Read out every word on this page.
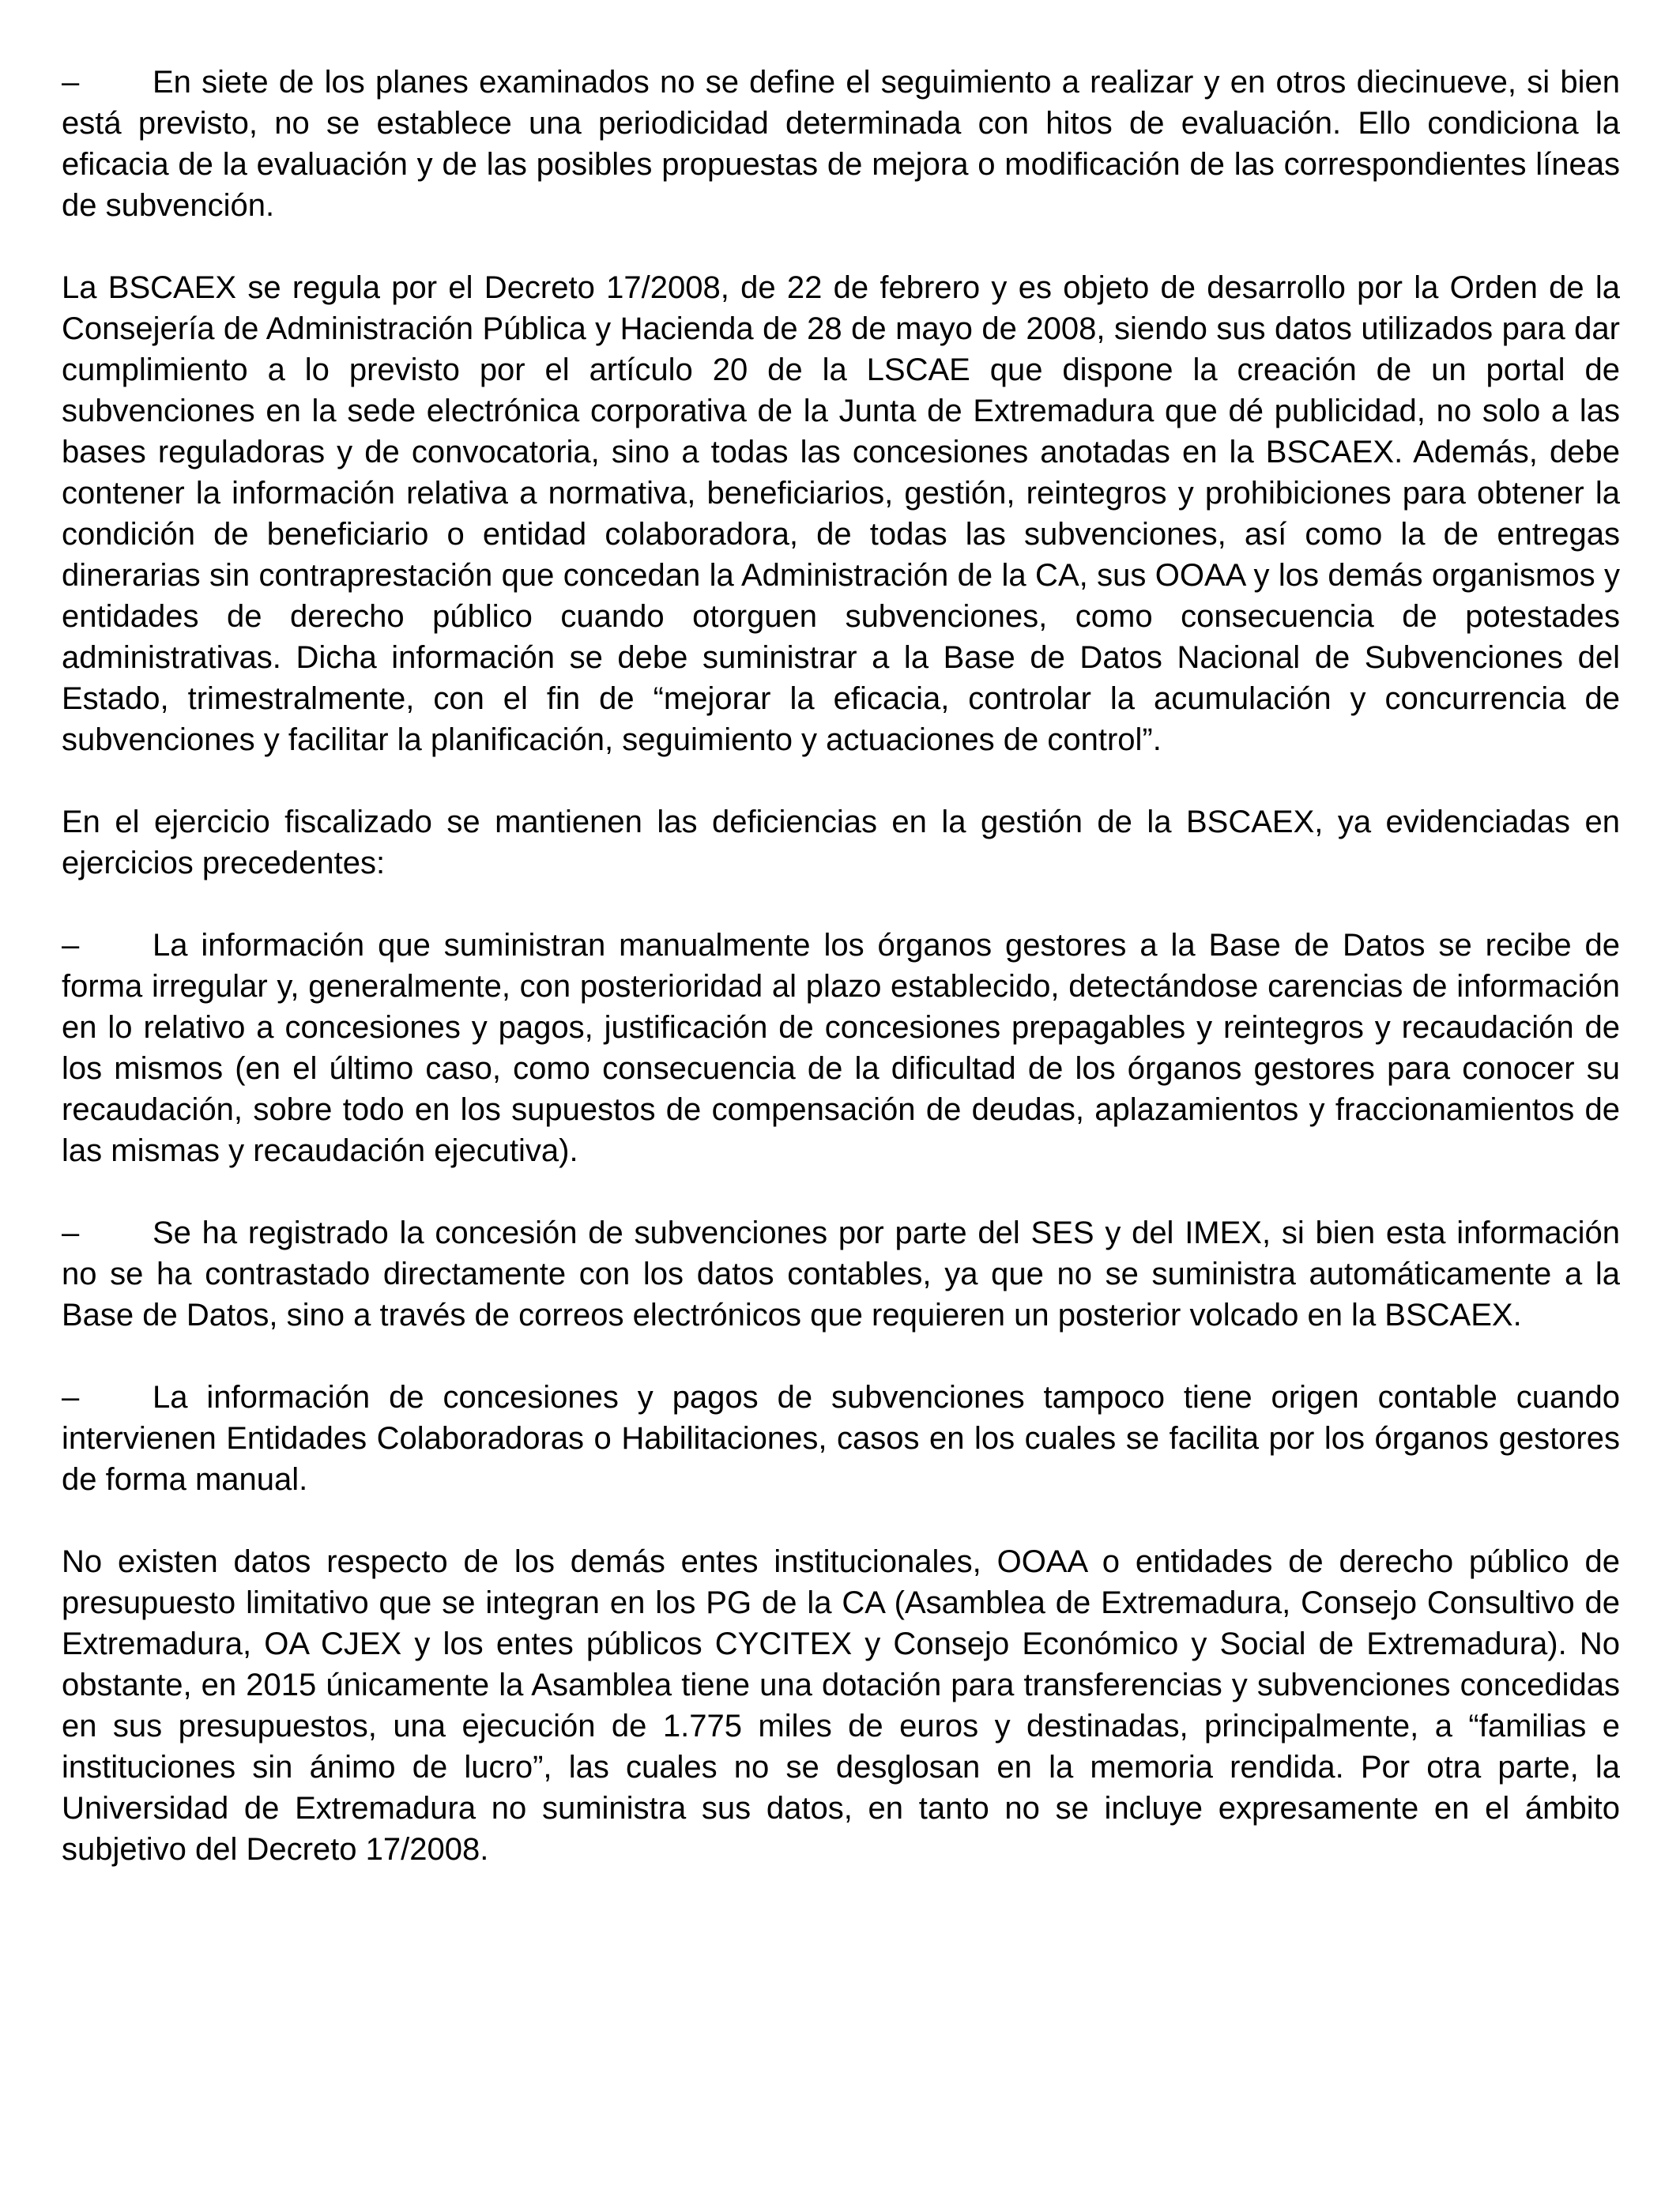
– En siete de los planes examinados no se define el seguimiento a realizar y en otros diecinueve, si bien está previsto, no se establece una periodicidad determinada con hitos de evaluación. Ello condiciona la eficacia de la evaluación y de las posibles propuestas de mejora o modificación de las correspondientes líneas de subvención.

La BSCAEX se regula por el Decreto 17/2008, de 22 de febrero y es objeto de desarrollo por la Orden de la Consejería de Administración Pública y Hacienda de 28 de mayo de 2008, siendo sus datos utilizados para dar cumplimiento a lo previsto por el artículo 20 de la LSCAE que dispone la creación de un portal de subvenciones en la sede electrónica corporativa de la Junta de Extremadura que dé publicidad, no solo a las bases reguladoras y de convocatoria, sino a todas las concesiones anotadas en la BSCAEX. Además, debe contener la información relativa a normativa, beneficiarios, gestión, reintegros y prohibiciones para obtener la condición de beneficiario o entidad colaboradora, de todas las subvenciones, así como la de entregas dinerarias sin contraprestación que concedan la Administración de la CA, sus OOAA y los demás organismos y entidades de derecho público cuando otorguen subvenciones, como consecuencia de potestades administrativas. Dicha información se debe suministrar a la Base de Datos Nacional de Subvenciones del Estado, trimestralmente, con el fin de “mejorar la eficacia, controlar la acumulación y concurrencia de subvenciones y facilitar la planificación, seguimiento y actuaciones de control”.

En el ejercicio fiscalizado se mantienen las deficiencias en la gestión de la BSCAEX, ya evidenciadas en ejercicios precedentes:

– La información que suministran manualmente los órganos gestores a la Base de Datos se recibe de forma irregular y, generalmente, con posterioridad al plazo establecido, detectándose carencias de información en lo relativo a concesiones y pagos, justificación de concesiones prepagables y reintegros y recaudación de los mismos (en el último caso, como consecuencia de la dificultad de los órganos gestores para conocer su recaudación, sobre todo en los supuestos de compensación de deudas, aplazamientos y fraccionamientos de las mismas y recaudación ejecutiva).

– Se ha registrado la concesión de subvenciones por parte del SES y del IMEX, si bien esta información no se ha contrastado directamente con los datos contables, ya que no se suministra automáticamente a la Base de Datos, sino a través de correos electrónicos que requieren un posterior volcado en la BSCAEX.

– La información de concesiones y pagos de subvenciones tampoco tiene origen contable cuando intervienen Entidades Colaboradoras o Habilitaciones, casos en los cuales se facilita por los órganos gestores de forma manual.

No existen datos respecto de los demás entes institucionales, OOAA o entidades de derecho público de presupuesto limitativo que se integran en los PG de la CA (Asamblea de Extremadura, Consejo Consultivo de Extremadura, OA CJEX y los entes públicos CYCITEX y Consejo Económico y Social de Extremadura). No obstante, en 2015 únicamente la Asamblea tiene una dotación para transferencias y subvenciones concedidas en sus presupuestos, una ejecución de 1.775 miles de euros y destinadas, principalmente, a “familias e instituciones sin ánimo de lucro”, las cuales no se desglosan en la memoria rendida. Por otra parte, la Universidad de Extremadura no suministra sus datos, en tanto no se incluye expresamente en el ámbito subjetivo del Decreto 17/2008.
